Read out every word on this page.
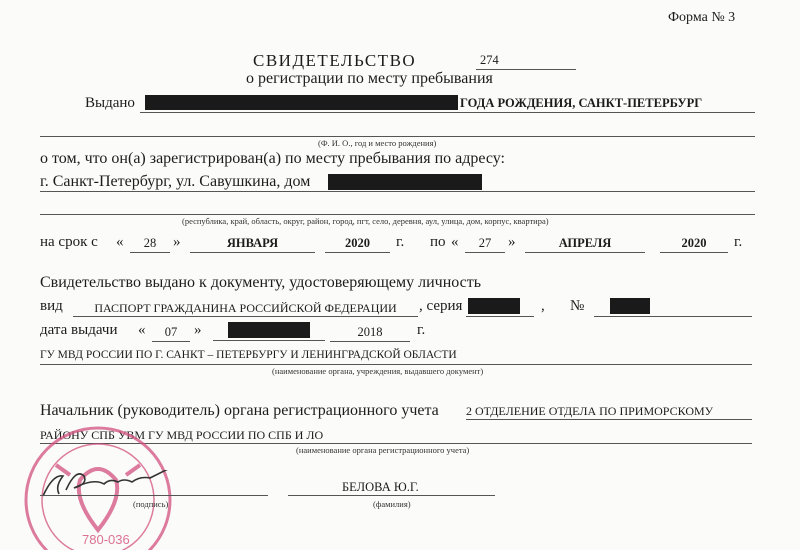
Форма № 3
СВИДЕТЕЛЬСТВО	274
о регистрации по месту пребывания
Выдано	ГОДА РОЖДЕНИЯ, САНКТ-ПЕТЕРБУРГ
(Ф. И. О., год и место рождения)
о том, что он(а) зарегистрирован(а) по месту пребывания по адресу:
г. Санкт-Петербург, ул. Савушкина, дом
(республика, край, область, округ, район, город, пгт, село, деревня, аул, улица, дом, корпус, квартира)
на срок с «	28	»	ЯНВАРЯ	2020	г. по «	27	»	АПРЕЛЯ	2020	г.
Свидетельство выдано к документу, удостоверяющему личность
вид	ПАСПОРТ ГРАЖДАНИНА РОССИЙСКОЙ ФЕДЕРАЦИИ	, серия	, №
дата выдачи «	07	»	2018	г.
ГУ МВД РОССИИ ПО Г. САНКТ – ПЕТЕРБУРГУ И ЛЕНИНГРАДСКОЙ ОБЛАСТИ
(наименование органа, учреждения, выдавшего документ)
Начальник (руководитель) органа регистрационного учета 2 ОТДЕЛЕНИЕ ОТДЕЛА ПО ПРИМОРСКОМУ
РАЙОНУ СПБ УВМ ГУ МВД РОССИИ ПО СПБ И ЛО
(наименование органа регистрационного учета)
780-036
(подпись)
БЕЛОВА Ю.Г.
(фамилия)
